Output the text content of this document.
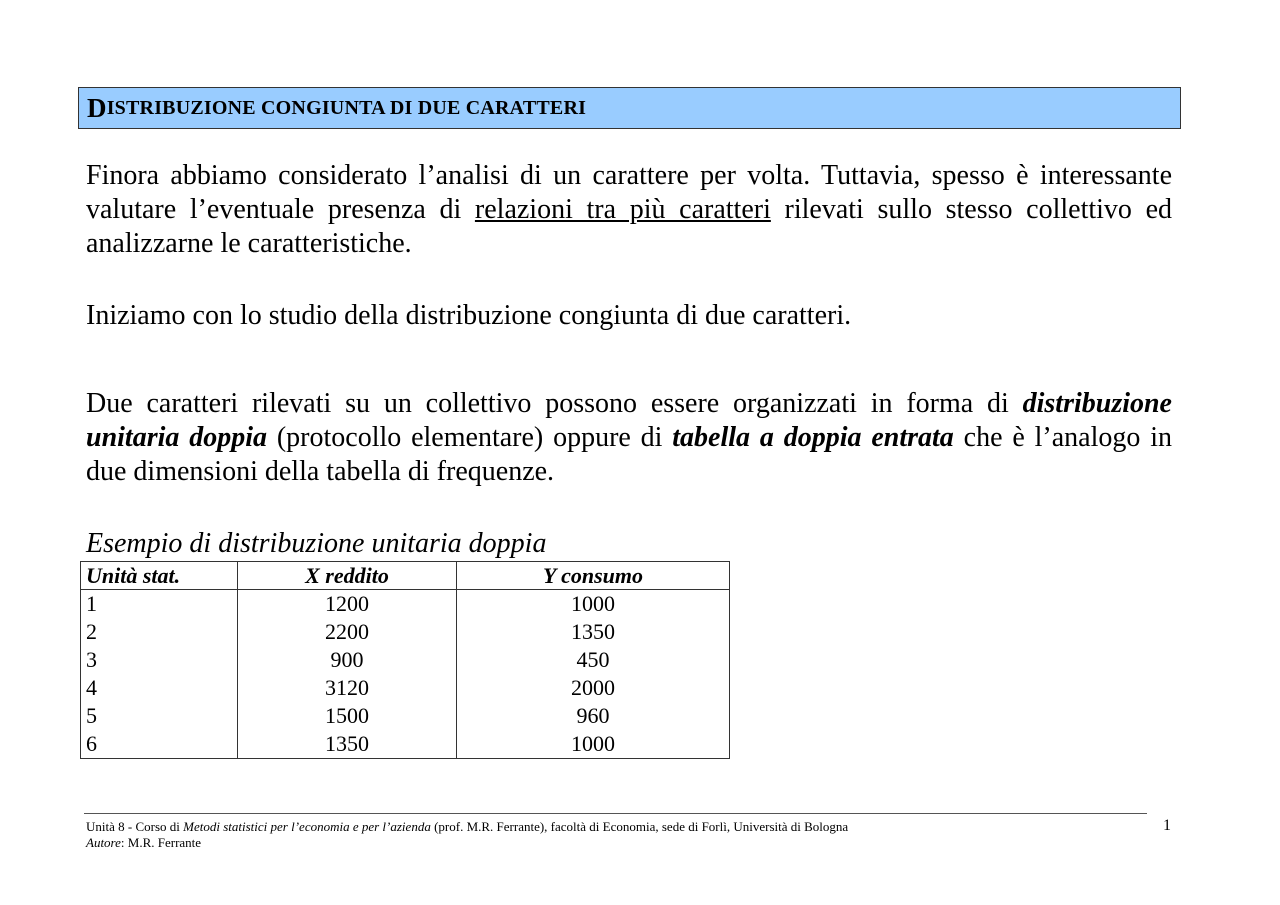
D ISTRIBUZIONE CONGIUNTA DI DUE CARATTERI
Finora abbiamo considerato l’analisi di un carattere per volta. Tuttavia, spesso è interessante valutare l’eventuale presenza di relazioni tra più caratteri rilevati sullo stesso collettivo ed analizzarne le caratteristiche.
Iniziamo con lo studio della distribuzione congiunta di due caratteri.
Due caratteri rilevati su un collettivo possono essere organizzati in forma di distribuzione unitaria doppia (protocollo elementare) oppure di tabella a doppia entrata che è l’analogo in due dimensioni della tabella di frequenze.
Esempio di distribuzione unitaria doppia
Unità stat.	X reddito	Y consumo
1	1200	1000
2	2200	1350
3	900	450
4	3120	2000
5	1500	960
6	1350	1000
Unità 8 - Corso di Metodi statistici per l’economia e per l’azienda (prof. M.R. Ferrante), facoltà di Economia, sede di Forlì, Università di Bologna
Autore: M.R. Ferrante
1
